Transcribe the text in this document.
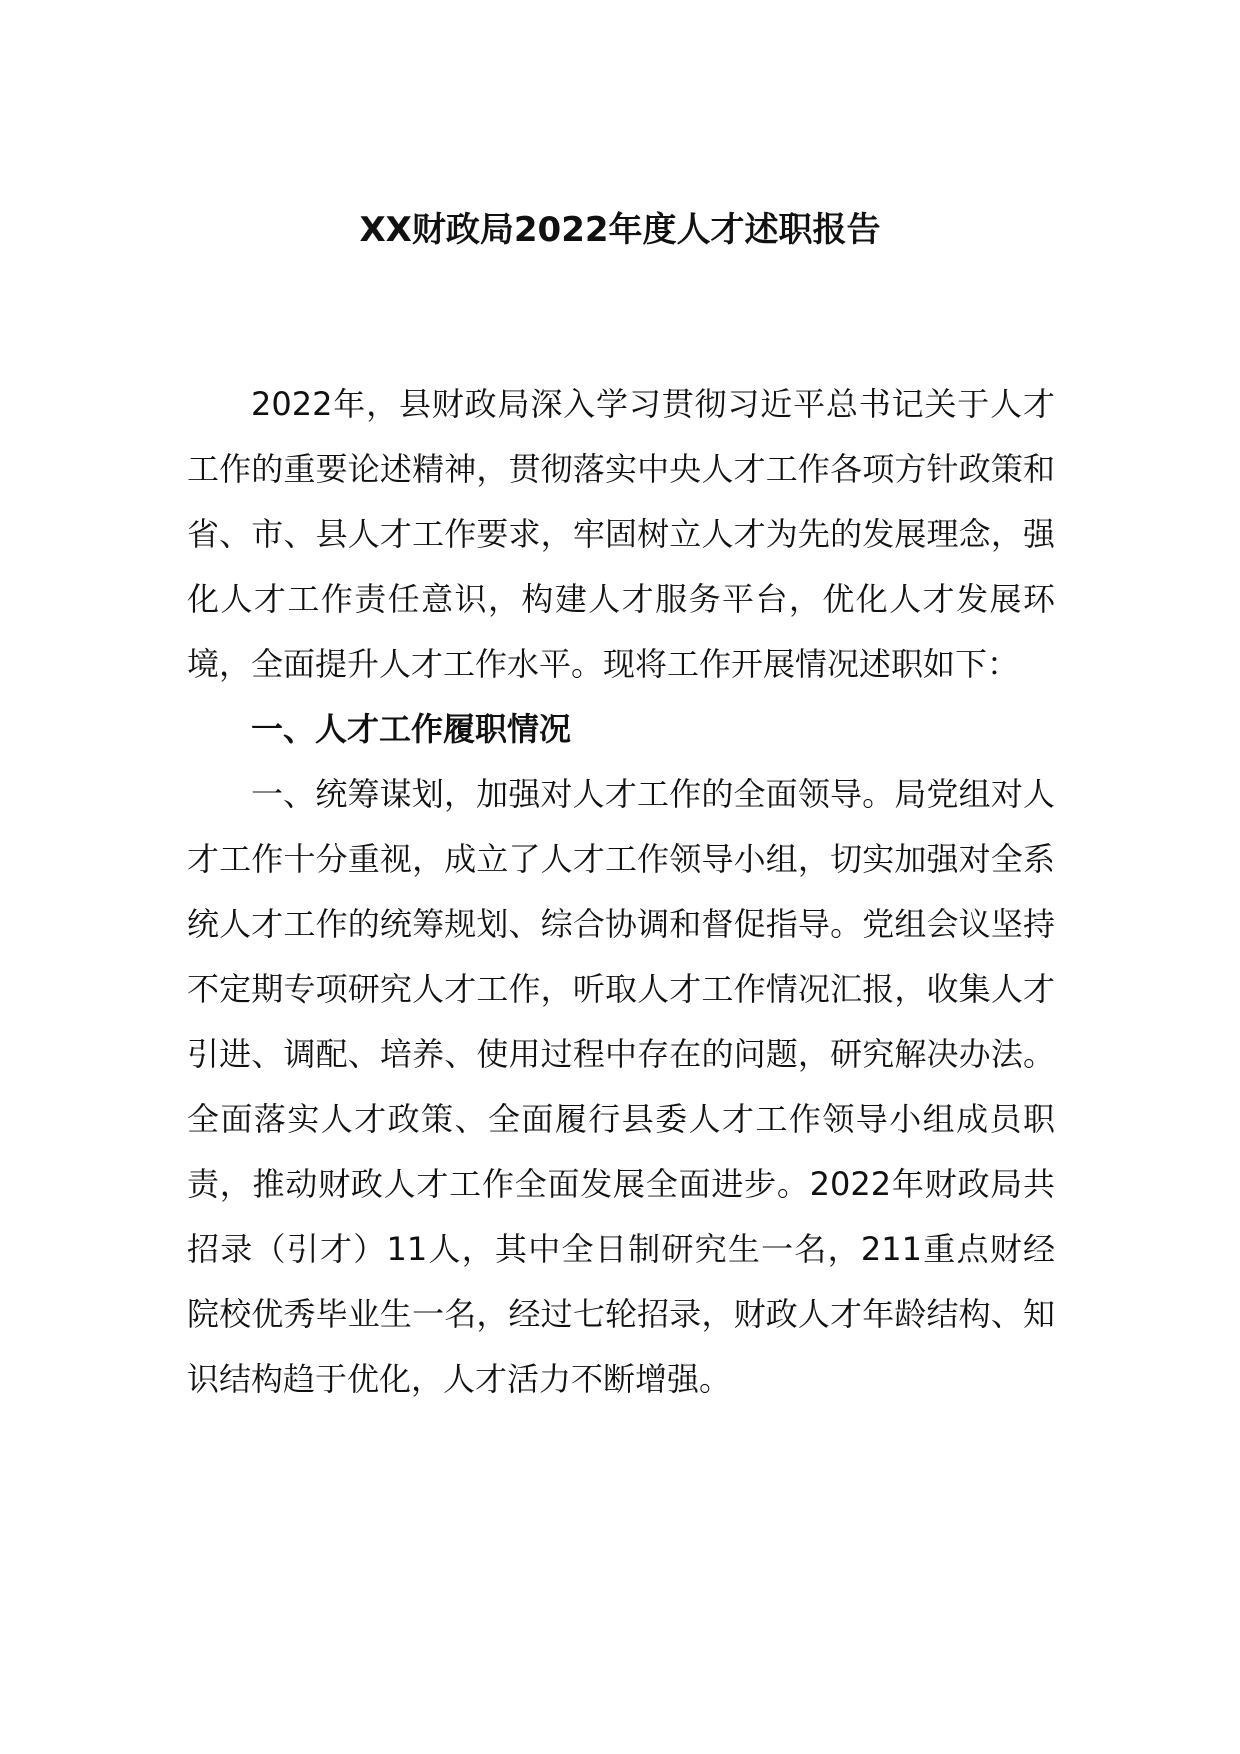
XX财政局2022年度人才述职报告

2022年，县财政局深入学习贯彻习近平总书记关于人才工作的重要论述精神，贯彻落实中央人才工作各项方针政策和省、市、县人才工作要求，牢固树立人才为先的发展理念，强化人才工作责任意识，构建人才服务平台，优化人才发展环境，全面提升人才工作水平。现将工作开展情况述职如下：

一、人才工作履职情况

一、统筹谋划，加强对人才工作的全面领导。局党组对人才工作十分重视，成立了人才工作领导小组，切实加强对全系统人才工作的统筹规划、综合协调和督促指导。党组会议坚持不定期专项研究人才工作，听取人才工作情况汇报，收集人才引进、调配、培养、使用过程中存在的问题，研究解决办法。全面落实人才政策、全面履行县委人才工作领导小组成员职责，推动财政人才工作全面发展全面进步。2022年财政局共招录（引才）11人，其中全日制研究生一名，211重点财经院校优秀毕业生一名，经过七轮招录，财政人才年龄结构、知识结构趋于优化，人才活力不断增强。
